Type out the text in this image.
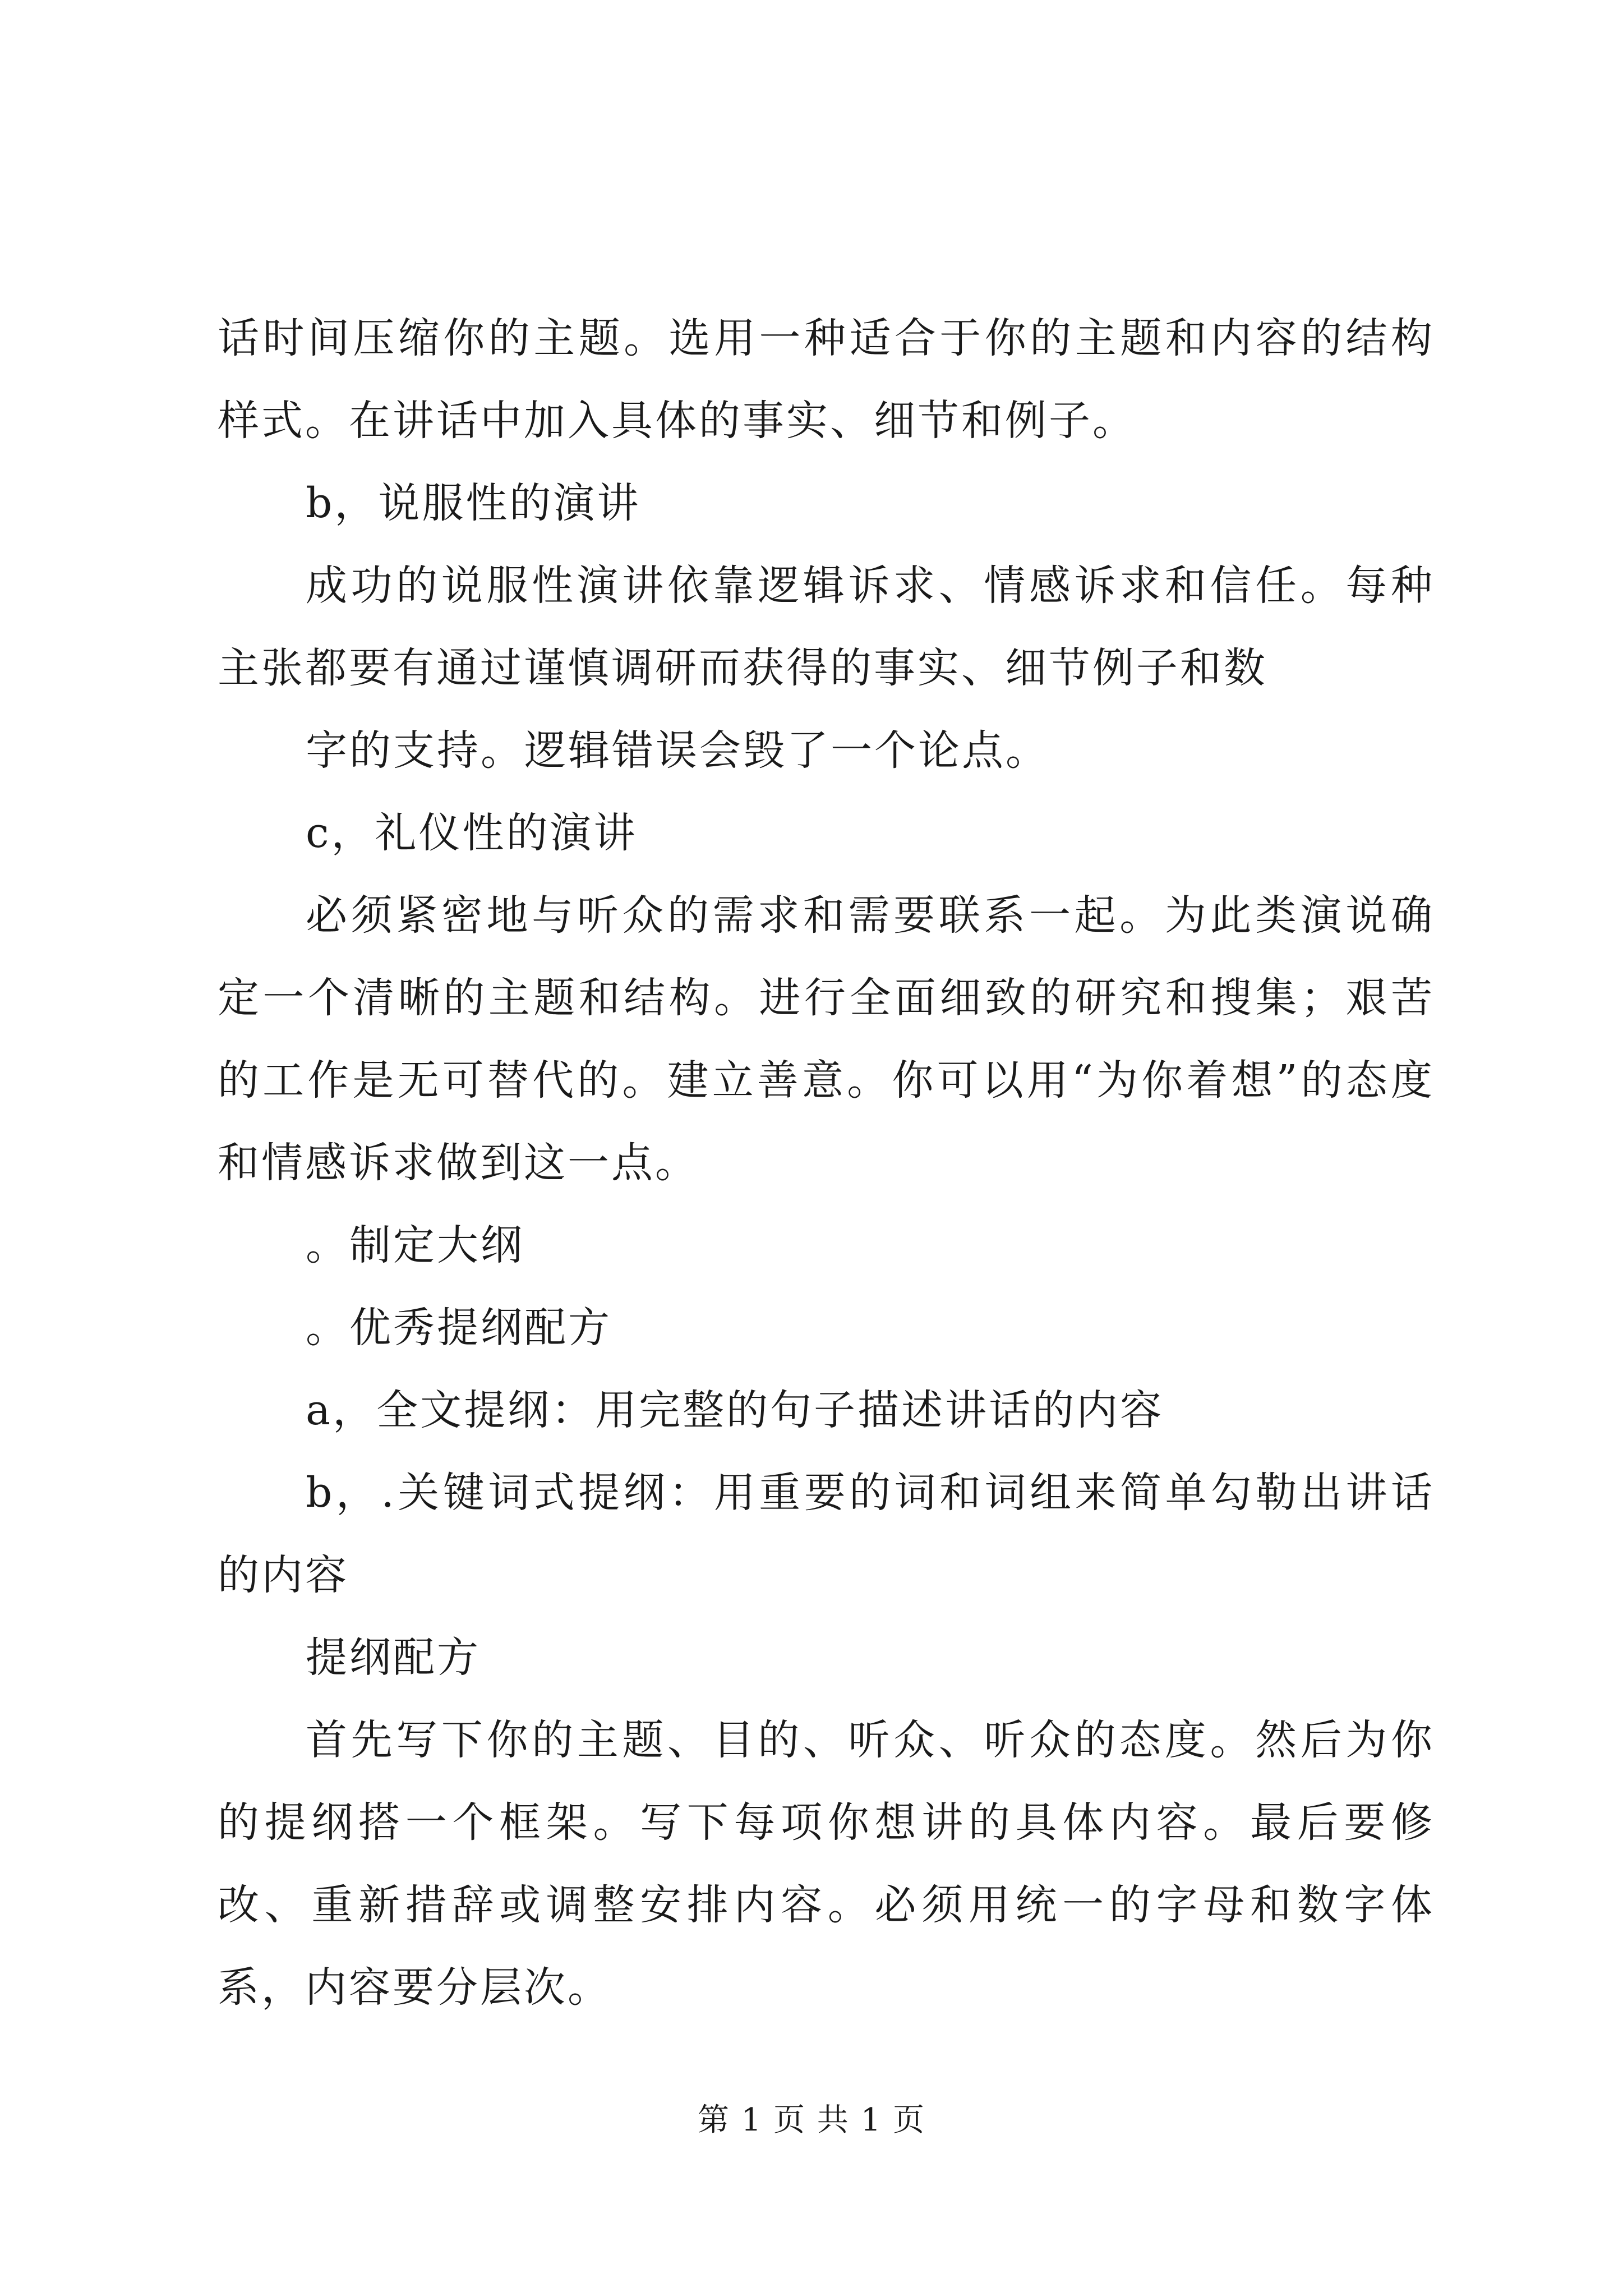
话时间压缩你的主题。选用一种适合于你的主题和内容的结构样式。在讲话中加入具体的事实、细节和例子。

b，说服性的演讲

成功的说服性演讲依靠逻辑诉求、情感诉求和信任。每种主张都要有通过谨慎调研而获得的事实、细节例子和数

字的支持。逻辑错误会毁了一个论点。

c，礼仪性的演讲

必须紧密地与听众的需求和需要联系一起。为此类演说确定一个清晰的主题和结构。进行全面细致的研究和搜集；艰苦的工作是无可替代的。建立善意。你可以用“为你着想”的态度和情感诉求做到这一点。

。制定大纲

。优秀提纲配方

a，全文提纲：用完整的句子描述讲话的内容

b，.关键词式提纲：用重要的词和词组来简单勾勒出讲话的内容

提纲配方

首先写下你的主题、目的、听众、听众的态度。然后为你的提纲搭一个框架。写下每项你想讲的具体内容。最后要修改、重新措辞或调整安排内容。必须用统一的字母和数字体系，内容要分层次。

第 1 页 共 1 页
